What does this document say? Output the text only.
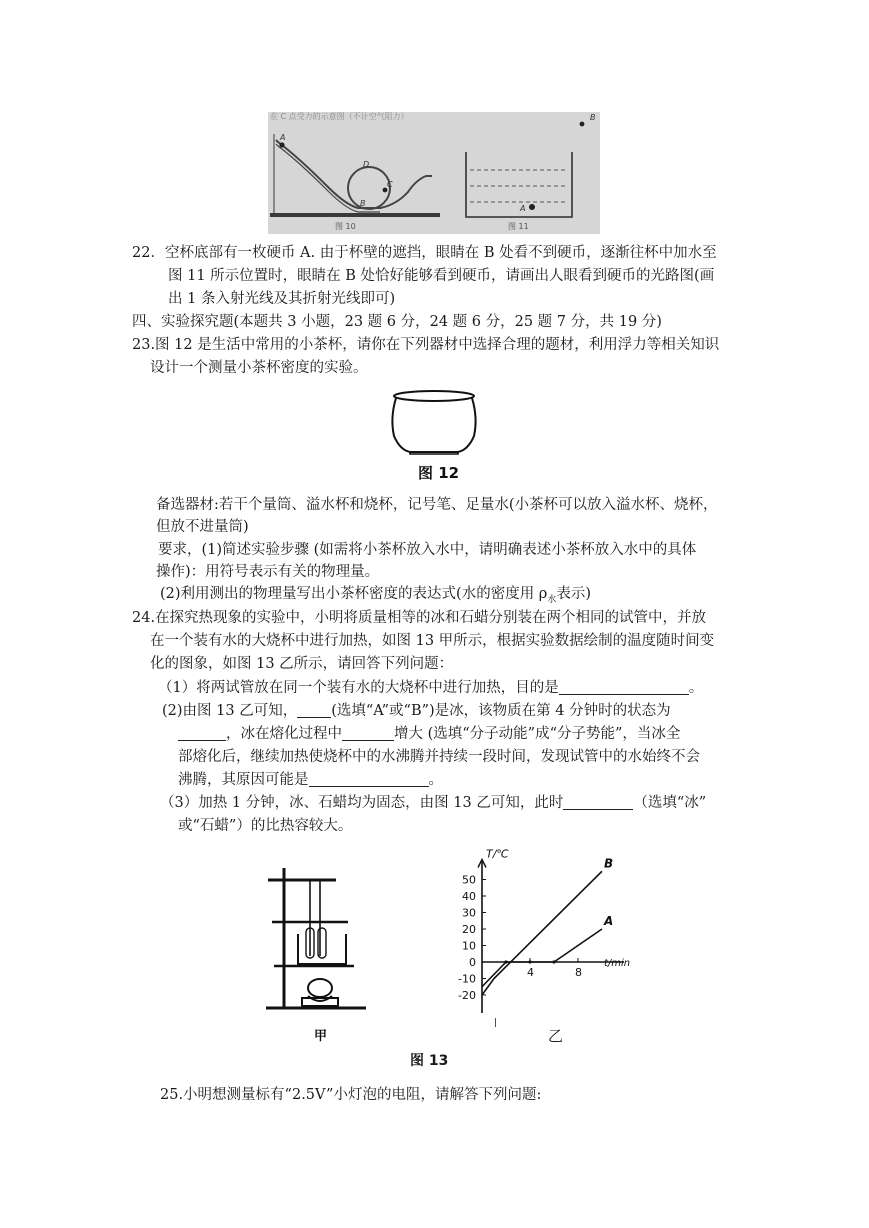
在 C 点受力的示意图（不计空气阻力）
A
D
C
B
图 10
A
B
图 11
22．空杯底部有一枚硬币 A. 由于杯壁的遮挡，眼睛在 B 处看不到硬币，逐渐往杯中加水至
图 11 所示位置时，眼睛在 B 处恰好能够看到硬币，请画出人眼看到硬币的光路图(画
出 1 条入射光线及其折射光线即可)
四、实验探究题(本题共 3 小题，23 题 6 分，24 题 6 分，25 题 7 分，共 19 分)
23.图 12 是生活中常用的小茶杯，请你在下列器材中选择合理的题材，利用浮力等相关知识
设计一个测量小茶杯密度的实验。
图 12
备选器材:若干个量筒、溢水杯和烧杯，记号笔、足量水(小茶杯可以放入溢水杯、烧杯，
但放不进量筒)
要求，(1)简述实验步骤 (如需将小茶杯放入水中，请明确表述小茶杯放入水中的具体
操作)：用符号表示有关的物理量。
(2)利用测出的物理量写出小茶杯密度的表达式(水的密度用 $\rho_水$表示)
24.在探究热现象的实验中，小明将质量相等的冰和石蜡分别装在两个相同的试管中，并放
在一个装有水的大烧杯中进行加热，如图 13 甲所示，根据实验数据绘制的温度随时间变
化的图象，如图 13 乙所示，请回答下列问题：
（1）将两试管放在同一个装有水的大烧杯中进行加热，目的是	。
(2)由图 13 乙可知， (选填“A”或“B”)是冰，该物质在第 4 分钟时的状态为
，冰在熔化过程中	增大 (选填“分子动能”成“分子势能”，当冰全
部熔化后，继续加热使烧杯中的水沸腾并持续一段时间，发现试管中的水始终不会
沸腾，其原因可能是	。
（3）加热 1 分钟，冰、石蜡均为固态，由图 13 乙可知，此时	（选填“冰”
或“石蜡”）的比热容较大。
甲
T/℃
t/min
50
40
30
20
10
0
-10
-20
4	8
B
A
|
乙
图 13
25.小明想测量标有“2.5V”小灯泡的电阻，请解答下列问题:
